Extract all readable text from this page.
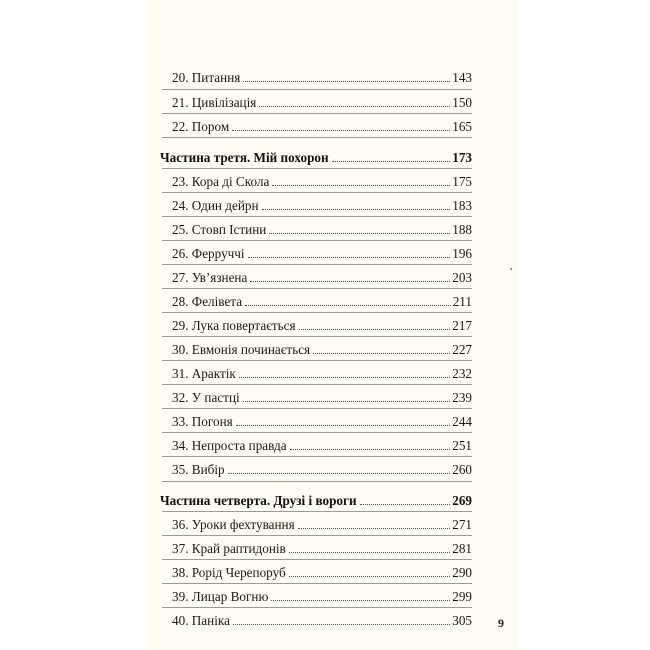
20. Питання	143
21. Цивілізація	150
22. Пором	165
Частина третя. Мій похорон	173
23. Кора ді Скола	175
24. Один дейрн	183
25. Стовп Істини	188
26. Ферруччі	196
27. Ув’язнена	203
28. Фелівета	211
29. Лука повертається	217
30. Евмонія починається	227
31. Арактік	232
32. У пастці	239
33. Погоня	244
34. Непроста правда	251
35. Вибір	260
Частина четверта. Друзі і вороги	269
36. Уроки фехтування	271
37. Край раптидонів	281
38. Рорід Черепоруб	290
39. Лицар Вогню	299
40. Паніка	305 9
